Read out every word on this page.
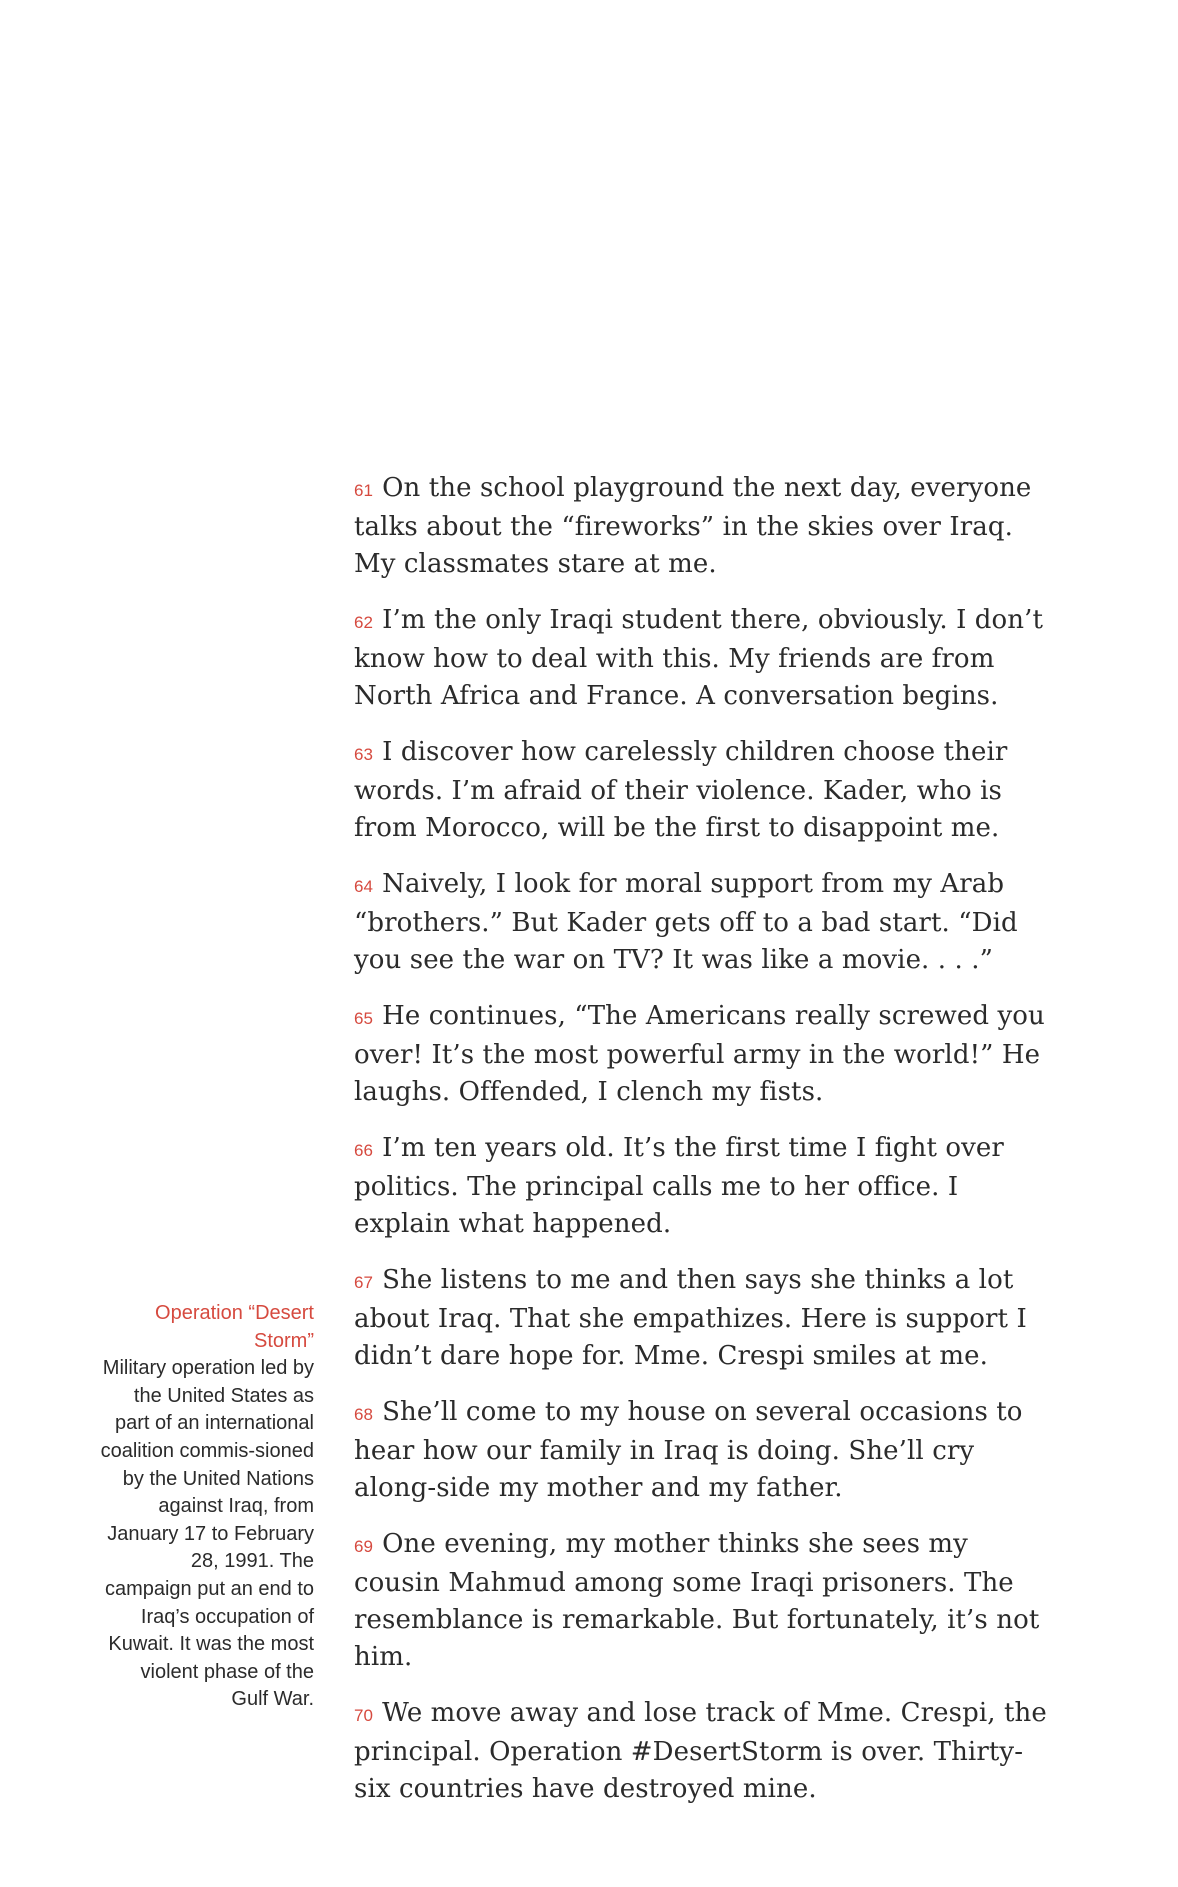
Operation “Desert Storm”
Military operation led by the United States as part of an international coalition commis-sioned by the United Nations against Iraq, from January 17 to February 28, 1991. The campaign put an end to Iraq’s occupation of Kuwait. It was the most violent phase of the Gulf War.

61 On the school playground the next day, everyone talks about the “fireworks” in the skies over Iraq. My classmates stare at me.

62 I’m the only Iraqi student there, obviously. I don’t know how to deal with this. My friends are from North Africa and France. A conversation begins.

63 I discover how carelessly children choose their words. I’m afraid of their violence. Kader, who is from Morocco, will be the first to disappoint me.

64 Naively, I look for moral support from my Arab “brothers.” But Kader gets off to a bad start. “Did you see the war on TV? It was like a movie. . . .”

65 He continues, “The Americans really screwed you over! It’s the most powerful army in the world!” He laughs. Offended, I clench my fists.

66 I’m ten years old. It’s the first time I fight over politics. The principal calls me to her office. I explain what happened.

67 She listens to me and then says she thinks a lot about Iraq. That she empathizes. Here is support I didn’t dare hope for. Mme. Crespi smiles at me.

68 She’ll come to my house on several occasions to hear how our family in Iraq is doing. She’ll cry along-side my mother and my father.

69 One evening, my mother thinks she sees my cousin Mahmud among some Iraqi prisoners. The resemblance is remarkable. But fortunately, it’s not him.

70 We move away and lose track of Mme. Crespi, the principal. Operation #DesertStorm is over. Thirty-six countries have destroyed mine.
